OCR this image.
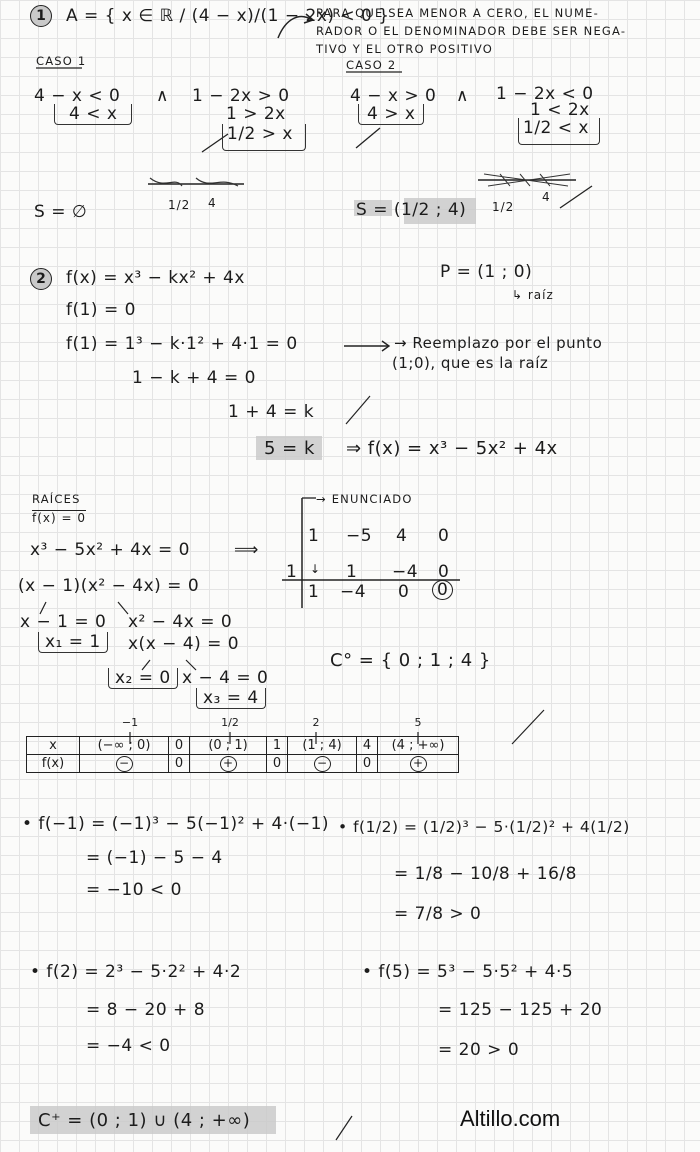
1	A = { x ∈ ℝ / (4 − x)/(1 − 2x) < 0 }
PARA QUE SEA MENOR A CERO, EL NUME-
RADOR O EL DENOMINADOR DEBE SER NEGA-
TIVO Y EL OTRO POSITIVO
CASO 1
4 − x < 0
4 < x
∧ 1 − 2x > 0
1 > 2x
1/2 > x
1/2 4
S = ∅
CASO 2
4 − x > 0
4 > x
∧ 1 − 2x < 0
1 < 2x
1/2 < x
1/2
4
S = (1/2 ; 4)
2	f(x) = x³ − kx² + 4x	P = (1 ; 0)
↳ raíz
f(1) = 0
f(1) = 1³ − k·1² + 4·1 = 0	→ Reemplazo por el punto
(1;0), que es la raíz
1 − k + 4 = 0
1 + 4 = k
5 = k ⇒ f(x) = x³ − 5x² + 4x
RAÍCES
f(x) = 0
x³ − 5x² + 4x = 0	⟹
(x − 1)(x² − 4x) = 0
x − 1 = 0
x₁ = 1
x² − 4x = 0
x(x − 4) = 0
x₂ = 0 x − 4 = 0
x₃ = 4
→ ENUNCIADO
1 −5 4 0
1 ↓ 1 −4 0
1 −4 0 0
C° = { 0 ; 1 ; 4 }
−1	1/2	2	5
x	(−∞ ; 0)	0	(0 ; 1)	1	(1 ; 4)	4	(4 ; +∞)
f(x)	−	0	+	0	−	0	+
• f(−1) = (−1)³ − 5(−1)² + 4·(−1)
= (−1) − 5 − 4
= −10 < 0
• f(1/2) = (1/2)³ − 5·(1/2)² + 4(1/2)
= 1/8 − 10/8 + 16/8
= 7/8 > 0
• f(2) = 2³ − 5·2² + 4·2
= 8 − 20 + 8
= −4 < 0
• f(5) = 5³ − 5·5² + 4·5
= 125 − 125 + 20
= 20 > 0
C⁺ = (0 ; 1) ∪ (4 ; +∞)	Altillo.com
